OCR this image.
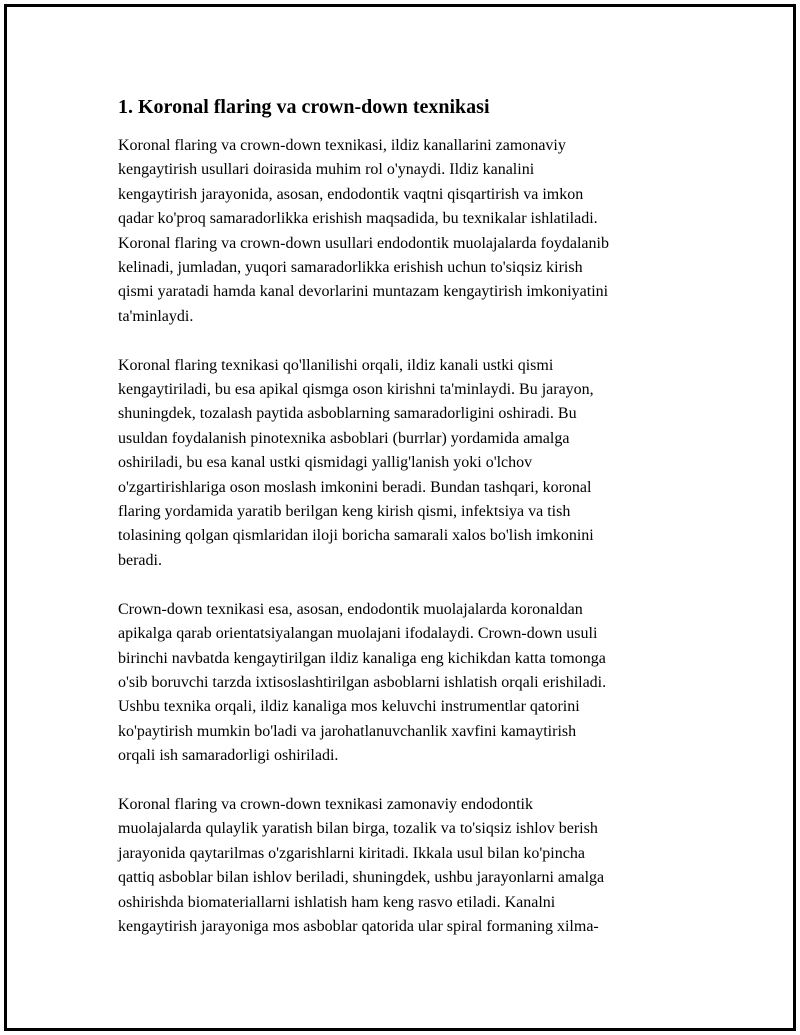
1. Koronal flaring va crown-down texnikasi

Koronal flaring va crown-down texnikasi, ildiz kanallarini zamonaviy
kengaytirish usullari doirasida muhim rol o'ynaydi. Ildiz kanalini
kengaytirish jarayonida, asosan, endodontik vaqtni qisqartirish va imkon
qadar ko'proq samaradorlikka erishish maqsadida, bu texnikalar ishlatiladi.
Koronal flaring va crown-down usullari endodontik muolajalarda foydalanib
kelinadi, jumladan, yuqori samaradorlikka erishish uchun to'siqsiz kirish
qismi yaratadi hamda kanal devorlarini muntazam kengaytirish imkoniyatini
ta'minlaydi.

Koronal flaring texnikasi qo'llanilishi orqali, ildiz kanali ustki qismi
kengaytiriladi, bu esa apikal qismga oson kirishni ta'minlaydi. Bu jarayon,
shuningdek, tozalash paytida asboblarning samaradorligini oshiradi. Bu
usuldan foydalanish pinotexnika asboblari (burrlar) yordamida amalga
oshiriladi, bu esa kanal ustki qismidagi yallig'lanish yoki o'lchov
o'zgartirishlariga oson moslash imkonini beradi. Bundan tashqari, koronal
flaring yordamida yaratib berilgan keng kirish qismi, infektsiya va tish
tolasining qolgan qismlaridan iloji boricha samarali xalos bo'lish imkonini
beradi.

Crown-down texnikasi esa, asosan, endodontik muolajalarda koronaldan
apikalga qarab orientatsiyalangan muolajani ifodalaydi. Crown-down usuli
birinchi navbatda kengaytirilgan ildiz kanaliga eng kichikdan katta tomonga
o'sib boruvchi tarzda ixtisoslashtirilgan asboblarni ishlatish orqali erishiladi.
Ushbu texnika orqali, ildiz kanaliga mos keluvchi instrumentlar qatorini
ko'paytirish mumkin bo'ladi va jarohatlanuvchanlik xavfini kamaytirish
orqali ish samaradorligi oshiriladi.

Koronal flaring va crown-down texnikasi zamonaviy endodontik
muolajalarda qulaylik yaratish bilan birga, tozalik va to'siqsiz ishlov berish
jarayonida qaytarilmas o'zgarishlarni kiritadi. Ikkala usul bilan ko'pincha
qattiq asboblar bilan ishlov beriladi, shuningdek, ushbu jarayonlarni amalga
oshirishda biomateriallarni ishlatish ham keng rasvo etiladi. Kanalni
kengaytirish jarayoniga mos asboblar qatorida ular spiral formaning xilma-
